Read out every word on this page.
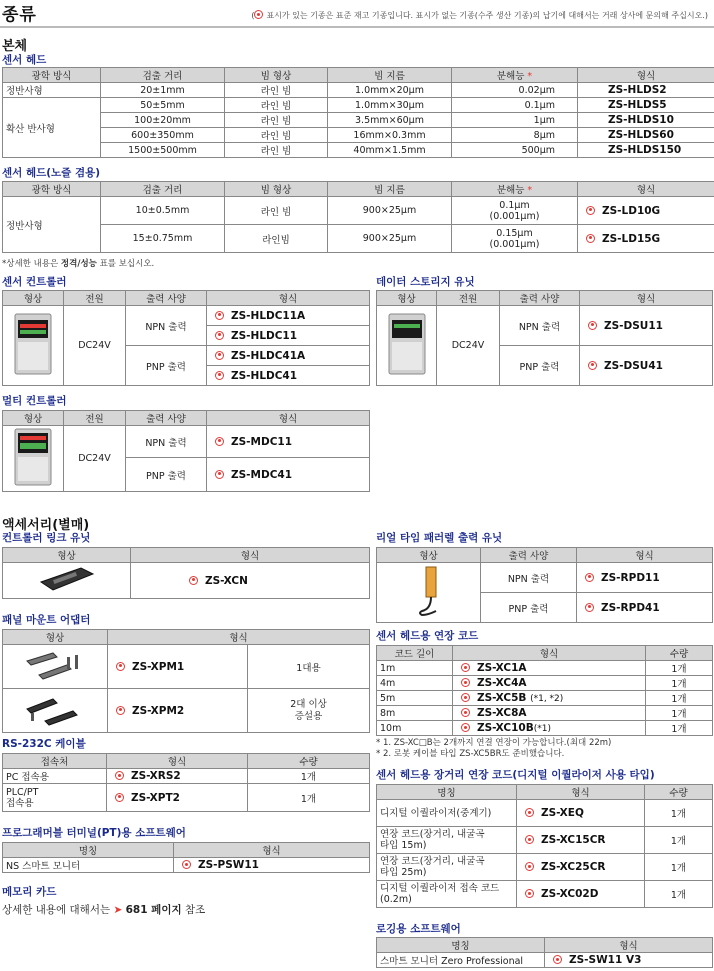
종류	( 표시가 있는 기종은 표준 재고 기종입니다. 표시가 없는 기종(수주 생산 기종)의 납기에 대해서는 거래 상사에 문의해 주십시오.)
본체
센서 헤드
광학 방식	검출 거리	빔 형상	빔 지름	분해능 *	형식
정반사형	20±1mm	라인 빔	1.0mm×20μm	0.02μm	ZS-HLDS2
확산 반사형	50±5mm	라인 빔	1.0mm×30μm	0.1μm	ZS-HLDS5
	100±20mm	라인 빔	3.5mm×60μm	1μm	ZS-HLDS10
	600±350mm	라인 빔	16mm×0.3mm	8μm	ZS-HLDS60
	1500±500mm	라인 빔	40mm×1.5mm	500μm	ZS-HLDS150
센서 헤드(노즐 겸용)
광학 방식	검출 거리	빔 형상	빔 지름	분해능 *	형식
정반사형	10±0.5mm	라인 빔	900×25μm	0.1μm
(0.001μm)	ZS-LD10G
	15±0.75mm	라인빔	900×25μm	0.15μm
(0.001μm)	ZS-LD15G
*상세한 내용은 정격/성능 표를 보십시오.
센서 컨트롤러
형상	전원	출력 사양	형식
	DC24V	NPN 출력	ZS-HLDC11A
			ZS-HLDC11
		PNP 출력	ZS-HLDC41A
			ZS-HLDC41
데이터 스토리지 유닛
형상	전원	출력 사양	형식
	DC24V	NPN 출력	ZS-DSU11
		PNP 출력	ZS-DSU41
멀티 컨트롤러
형상	전원	출력 사양	형식
	DC24V	NPN 출력	ZS-MDC11
		PNP 출력	ZS-MDC41
액세서리(별매)
컨트롤러 링크 유닛
형상	형식
	ZS-XCN
리얼 타임 패러렐 출력 유닛
형상	출력 사양	형식
	NPN 출력	ZS-RPD11
	PNP 출력	ZS-RPD41
패널 마운트 어댑터
형상	형식	
	ZS-XPM1	1대용
	ZS-XPM2	2대 이상
증설용
센서 헤드용 연장 코드
코드 길이	형식	수량
1m	ZS-XC1A	1개
4m	ZS-XC4A	1개
5m	ZS-XC5B (*1, *2)	1개
8m	ZS-XC8A	1개
10m	ZS-XC10B(*1)	1개
* 1. ZS-XC□B는 2개까지 연결 연장이 가능합니다.(최대 22m)
* 2. 로봇 케이블 타입 ZS-XC5BR도 준비했습니다.
RS-232C 케이블
접속처	형식	수량
PC 접속용	ZS-XRS2	1개

PLC/PT
접속용	ZS-XPT2	1개
센서 헤드용 장거리 연장 코드(디지털 이퀄라이저 사용 타입)
명칭	형식	수량

디지털 이퀄라이저(중계기)	ZS-XEQ	1개

연장 코드(장거리, 내굴곡
타입 15m)	ZS-XC15CR	1개

연장 코드(장거리, 내굴곡
타입 25m)	ZS-XC25CR	1개

디지털 이퀄라이저 접속 코드
(0.2m)	ZS-XC02D	1개
프로그래머블 터미널(PT)용 소프트웨어
명칭	형식
NS 스마트 모니터	ZS-PSW11
메모리 카드
상세한 내용에 대해서는 ➤ 681 페이지 참조
로깅용 소프트웨어
명칭	형식
스마트 모니터 Zero Professional	ZS-SW11 V3
